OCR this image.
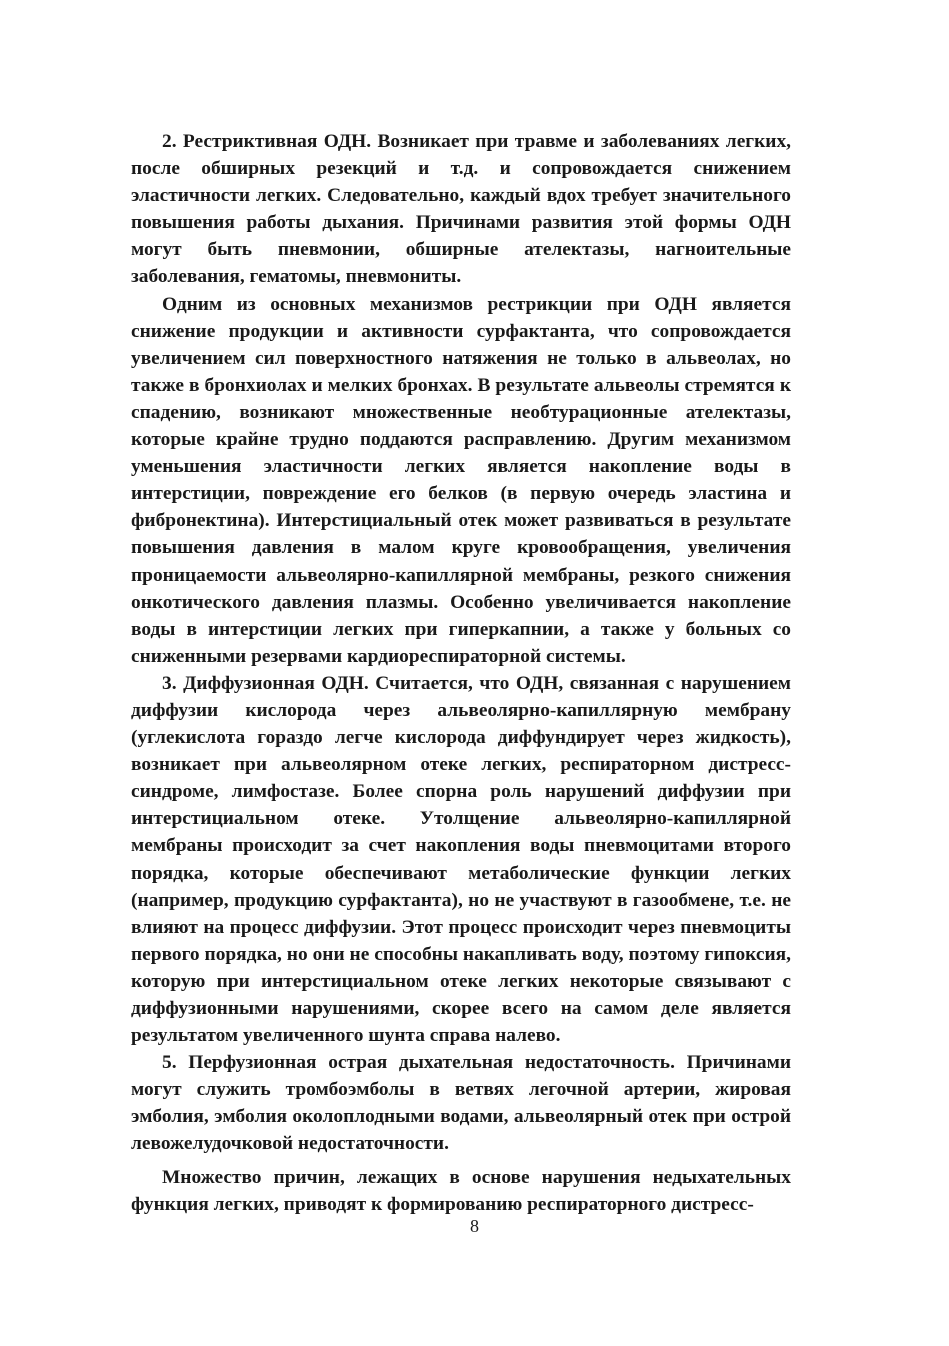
2. Рестриктивная ОДН. Возникает при травме и заболеваниях легких, после обширных резекций и т.д. и сопровождается снижением эластичности легких. Следовательно, каждый вдох требует значительного повышения работы дыхания. Причинами развития этой формы ОДН могут быть пневмонии, обширные ателектазы, нагноительные заболевания, гематомы, пневмониты.

Одним из основных механизмов рестрикции при ОДН является снижение продукции и активности сурфактанта, что сопровождается увеличением сил поверхностного натяжения не только в альвеолах, но также в бронхиолах и мелких бронхах. В результате альвеолы стремятся к спадению, возникают множественные необтурационные ателектазы, которые крайне трудно поддаются расправлению. Другим механизмом уменьшения эластичности легких является накопление воды в интерстиции, повреждение его белков (в первую очередь эластина и фибронектина). Интерстициальный отек может развиваться в результате повышения давления в малом круге кровообращения, увеличения проницаемости альвеолярно-капиллярной мембраны, резкого снижения онкотического давления плазмы. Особенно увеличивается накопление воды в интерстиции легких при гиперкапнии, а также у больных со сниженными резервами кардиореспираторной системы.

3. Диффузионная ОДН. Считается, что ОДН, связанная с нарушением диффузии кислорода через альвеолярно-капиллярную мембрану (углекислота гораздо легче кислорода диффундирует через жидкость), возникает при альвеолярном отеке легких, респираторном дистресс-синдроме, лимфостазе. Более спорна роль нарушений диффузии при интерстициальном отеке. Утолщение альвеолярно-капиллярной мембраны происходит за счет накопления воды пневмоцитами второго порядка, которые обеспечивают метаболические функции легких (например, продукцию сурфактанта), но не участвуют в газообмене, т.е. не влияют на процесс диффузии. Этот процесс происходит через пневмоциты первого порядка, но они не способны накапливать воду, поэтому гипоксия, которую при интерстициальном отеке легких некоторые связывают с диффузионными нарушениями, скорее всего на самом деле является результатом увеличенного шунта справа налево.

5. Перфузионная острая дыхательная недостаточность. Причинами могут служить тромбоэмболы в ветвях легочной артерии, жировая эмболия, эмболия околоплодными водами, альвеолярный отек при острой левожелудочковой недостаточности.

Множество причин, лежащих в основе нарушения недыхательных функция легких, приводят к формированию респираторного дистресс-

8
